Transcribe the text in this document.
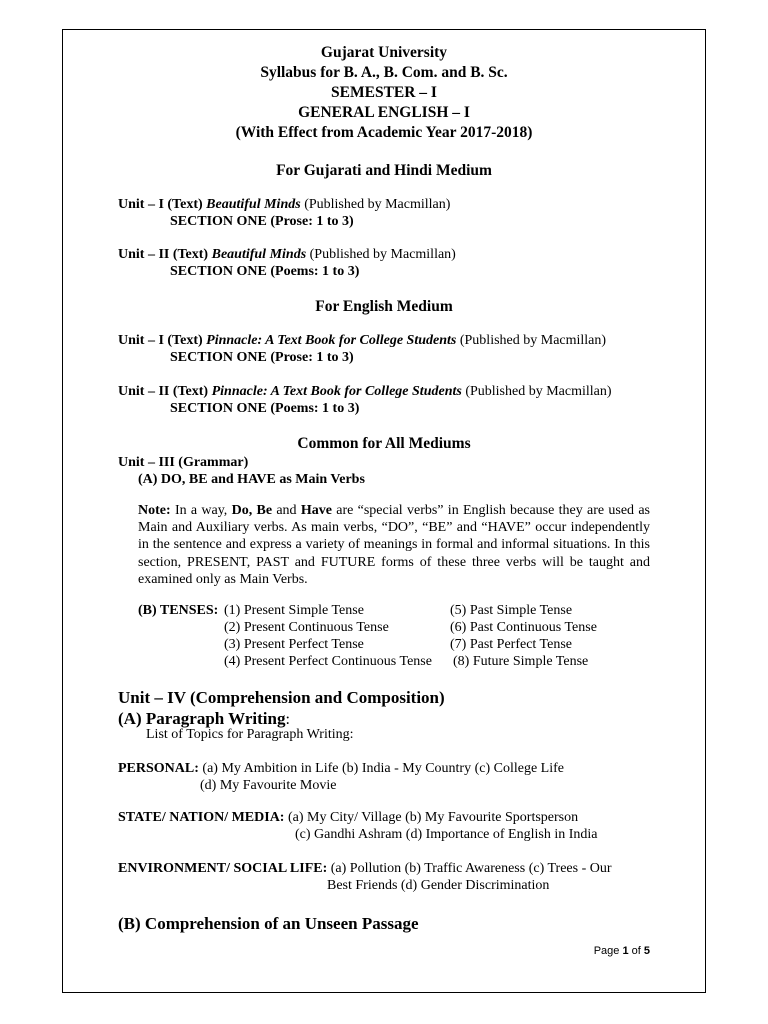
Gujarat University
Syllabus for B. A., B. Com. and B. Sc.
SEMESTER – I
GENERAL ENGLISH – I
(With Effect from Academic Year 2017-2018)
For Gujarati and Hindi Medium
Unit – I (Text) Beautiful Minds (Published by Macmillan)
SECTION ONE (Prose: 1 to 3)
Unit – II (Text) Beautiful Minds (Published by Macmillan)
SECTION ONE (Poems: 1 to 3)
For English Medium
Unit – I (Text) Pinnacle: A Text Book for College Students (Published by Macmillan)
SECTION ONE (Prose: 1 to 3)
Unit – II (Text) Pinnacle: A Text Book for College Students (Published by Macmillan)
SECTION ONE (Poems: 1 to 3)
Common for All Mediums
Unit – III (Grammar)
(A) DO, BE and HAVE as Main Verbs
Note: In a way, Do, Be and Have are “special verbs” in English because they are used as Main and Auxiliary verbs. As main verbs, “DO”, “BE” and “HAVE” occur independently in the sentence and express a variety of meanings in formal and informal situations. In this section, PRESENT, PAST and FUTURE forms of these three verbs will be taught and examined only as Main Verbs.
(B) TENSES: (1) Present Simple Tense
(2) Present Continuous Tense
(3) Present Perfect Tense
(4) Present Perfect Continuous Tense
(5) Past Simple Tense
(6) Past Continuous Tense
(7) Past Perfect Tense
(8) Future Simple Tense
Unit – IV (Comprehension and Composition)
(A) Paragraph Writing:
List of Topics for Paragraph Writing:
PERSONAL: (a) My Ambition in Life (b) India - My Country (c) College Life
(d) My Favourite Movie
STATE/ NATION/ MEDIA: (a) My City/ Village (b) My Favourite Sportsperson
(c) Gandhi Ashram (d) Importance of English in India
ENVIRONMENT/ SOCIAL LIFE: (a) Pollution (b) Traffic Awareness (c) Trees - Our
Best Friends (d) Gender Discrimination
(B) Comprehension of an Unseen Passage
Page 1 of 5
